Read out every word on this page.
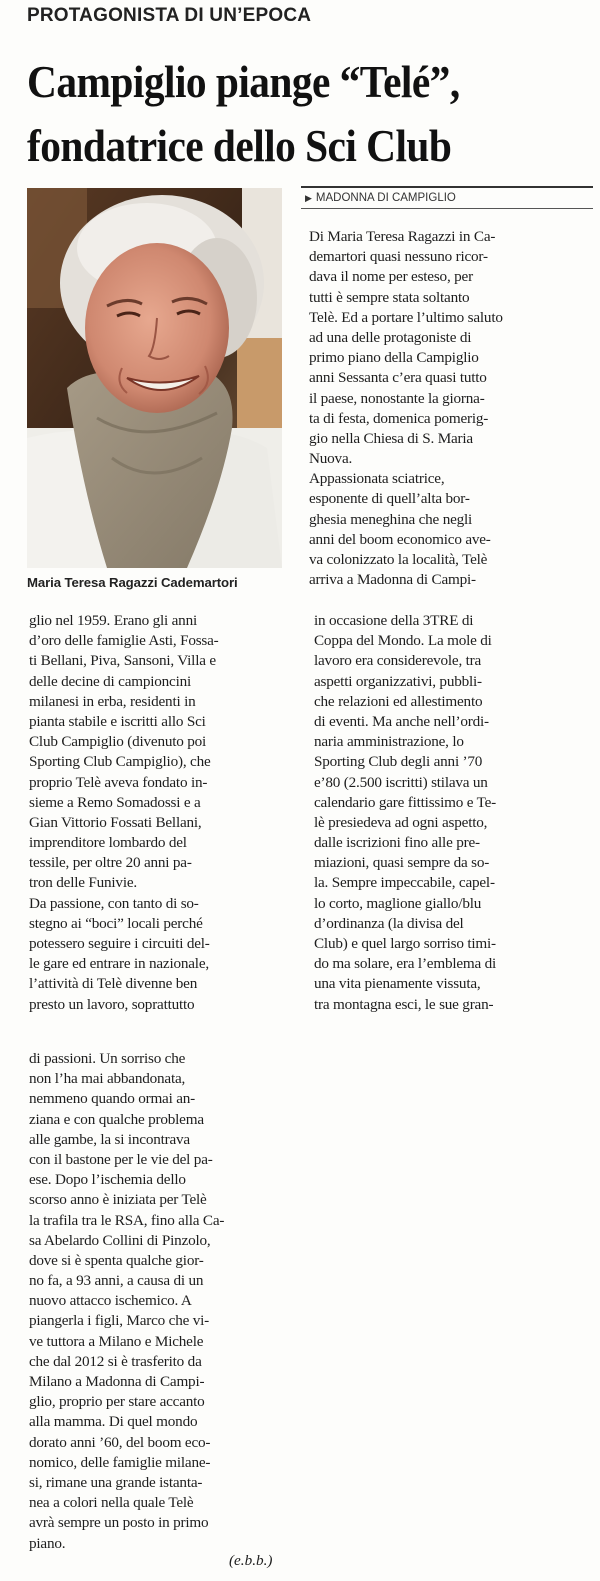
PROTAGONISTA DI UN’EPOCA
Campiglio piange “Telé”,
fondatrice dello Sci Club
Maria Teresa Ragazzi Cademartori
▶ MADONNA DI CAMPIGLIO
Di Maria Teresa Ragazzi in Ca-
demartori quasi nessuno ricor-
dava il nome per esteso, per
tutti è sempre stata soltanto
Telè. Ed a portare l’ultimo saluto
ad una delle protagoniste di
primo piano della Campiglio
anni Sessanta c’era quasi tutto
il paese, nonostante la giorna-
ta di festa, domenica pomerig-
gio nella Chiesa di S. Maria
Nuova.
Appassionata sciatrice,
esponente di quell’alta bor-
ghesia meneghina che negli
anni del boom economico ave-
va colonizzato la località, Telè
arriva a Madonna di Campi-
glio nel 1959. Erano gli anni
d’oro delle famiglie Asti, Fossa-
ti Bellani, Piva, Sansoni, Villa e
delle decine di campioncini
milanesi in erba, residenti in
pianta stabile e iscritti allo Sci
Club Campiglio (divenuto poi
Sporting Club Campiglio), che
proprio Telè aveva fondato in-
sieme a Remo Somadossi e a
Gian Vittorio Fossati Bellani,
imprenditore lombardo del
tessile, per oltre 20 anni pa-
tron delle Funivie.
Da passione, con tanto di so-
stegno ai “boci” locali perché
potessero seguire i circuiti del-
le gare ed entrare in nazionale,
l’attività di Telè divenne ben
presto un lavoro, soprattutto
in occasione della 3TRE di
Coppa del Mondo. La mole di
lavoro era considerevole, tra
aspetti organizzativi, pubbli-
che relazioni ed allestimento
di eventi. Ma anche nell’ordi-
naria amministrazione, lo
Sporting Club degli anni ’70
e’80 (2.500 iscritti) stilava un
calendario gare fittissimo e Te-
lè presiedeva ad ogni aspetto,
dalle iscrizioni fino alle pre-
miazioni, quasi sempre da so-
la. Sempre impeccabile, capel-
lo corto, maglione giallo/blu
d’ordinanza (la divisa del
Club) e quel largo sorriso timi-
do ma solare, era l’emblema di
una vita pienamente vissuta,
tra montagna esci, le sue gran-
di passioni. Un sorriso che
non l’ha mai abbandonata,
nemmeno quando ormai an-
ziana e con qualche problema
alle gambe, la si incontrava
con il bastone per le vie del pa-
ese. Dopo l’ischemia dello
scorso anno è iniziata per Telè
la trafila tra le RSA, fino alla Ca-
sa Abelardo Collini di Pinzolo,
dove si è spenta qualche gior-
no fa, a 93 anni, a causa di un
nuovo attacco ischemico. A
piangerla i figli, Marco che vi-
ve tuttora a Milano e Michele
che dal 2012 si è trasferito da
Milano a Madonna di Campi-
glio, proprio per stare accanto
alla mamma. Di quel mondo
dorato anni ’60, del boom eco-
nomico, delle famiglie milane-
si, rimane una grande istanta-
nea a colori nella quale Telè
avrà sempre un posto in primo
piano.
(e.b.b.)
